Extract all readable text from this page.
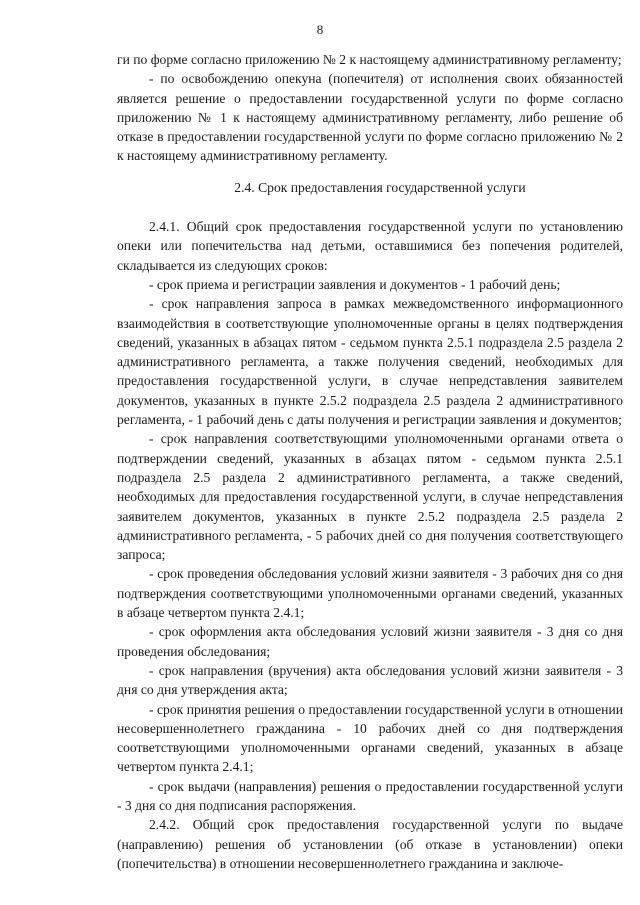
8

ги по форме согласно приложению № 2 к настоящему административному регламенту;

- по освобождению опекуна (попечителя) от исполнения своих обязанностей является решение о предоставлении государственной услуги по форме согласно приложению № 1 к настоящему административному регламенту, либо решение об отказе в предоставлении государственной услуги по форме согласно приложению № 2 к настоящему административному регламенту.

2.4. Срок предоставления государственной услуги

2.4.1. Общий срок предоставления государственной услуги по установлению опеки или попечительства над детьми, оставшимися без попечения родителей, складывается из следующих сроков:

- срок приема и регистрации заявления и документов - 1 рабочий день;

- срок направления запроса в рамках межведомственного информационного взаимодействия в соответствующие уполномоченные органы в целях подтверждения сведений, указанных в абзацах пятом - седьмом пункта 2.5.1 подраздела 2.5 раздела 2 административного регламента, а также получения сведений, необходимых для предоставления государственной услуги, в случае непредставления заявителем документов, указанных в пункте 2.5.2 подраздела 2.5 раздела 2 административного регламента, - 1 рабочий день с даты получения и регистрации заявления и документов;

- срок направления соответствующими уполномоченными органами ответа о подтверждении сведений, указанных в абзацах пятом - седьмом пункта 2.5.1 подраздела 2.5 раздела 2 административного регламента, а также сведений, необходимых для предоставления государственной услуги, в случае непредставления заявителем документов, указанных в пункте 2.5.2 подраздела 2.5 раздела 2 административного регламента, - 5 рабочих дней со дня получения соответствующего запроса;

- срок проведения обследования условий жизни заявителя - 3 рабочих дня со дня подтверждения соответствующими уполномоченными органами сведений, указанных в абзаце четвертом пункта 2.4.1;

- срок оформления акта обследования условий жизни заявителя - 3 дня со дня проведения обследования;

- срок направления (вручения) акта обследования условий жизни заявителя - 3 дня со дня утверждения акта;

- срок принятия решения о предоставлении государственной услуги в отношении несовершеннолетнего гражданина - 10 рабочих дней со дня подтверждения соответствующими уполномоченными органами сведений, указанных в абзаце четвертом пункта 2.4.1;

- срок выдачи (направления) решения о предоставлении государственной услуги - 3 дня со дня подписания распоряжения.

2.4.2. Общий срок предоставления государственной услуги по выдаче (направлению) решения об установлении (об отказе в установлении) опеки (попечительства) в отношении несовершеннолетнего гражданина и заключе-
